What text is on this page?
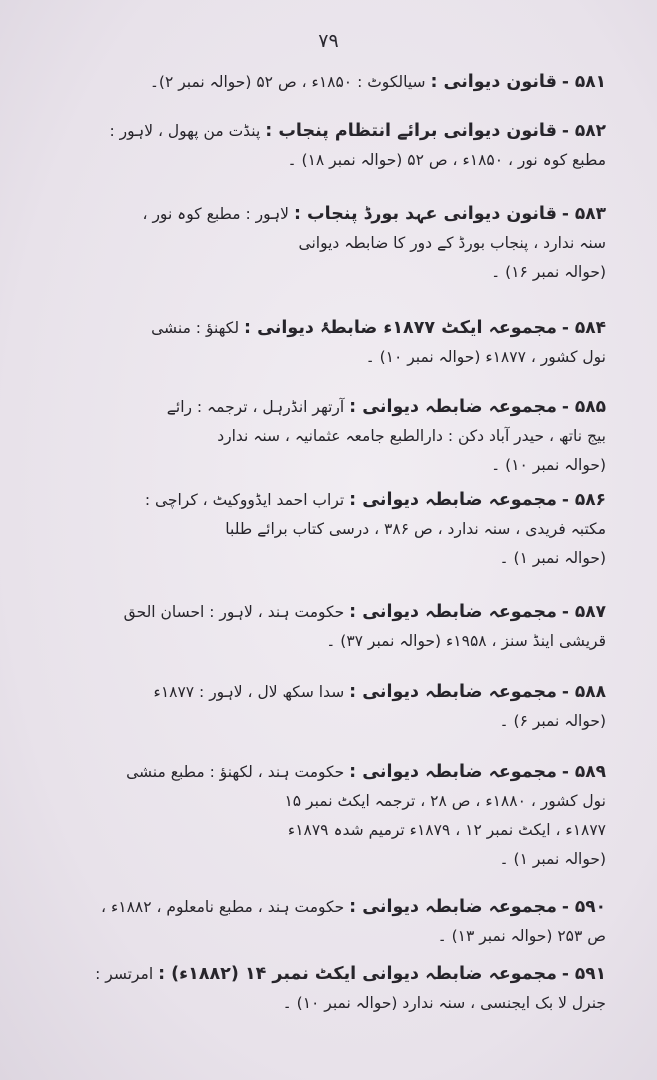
۷۹
۵۸۱ - قانون دیوانی : سیالکوٹ : ۱۸۵۰ء ، ص ۵۲ (حوالہ نمبر ۲)۔
۵۸۲ - قانون دیوانی برائے انتظام پنجاب : پنڈت من پھول ، لاہور :
مطبع کوہ نور ، ۱۸۵۰ء ، ص ۵۲ (حوالہ نمبر ۱۸) ۔
۵۸۳ - قانون دیوانی عہد بورڈ پنجاب : لاہور : مطبع کوہ نور ،
سنہ ندارد ، پنجاب بورڈ کے دور کا ضابطہ دیوانی
(حوالہ نمبر ۱۶) ۔
۵۸۴ - مجموعہ ایکٹ ۱۸۷۷ء ضابطۂ دیوانی : لکھنؤ : منشی
نول کشور ، ۱۸۷۷ء (حوالہ نمبر ۱۰) ۔
۵۸۵ - مجموعہ ضابطہ دیوانی : آرتھر انڈرہل ، ترجمہ : رائے
بیج ناتھ ، حیدر آباد دکن : دارالطبع جامعہ عثمانیہ ، سنہ ندارد
(حوالہ نمبر ۱۰) ۔
۵۸۶ - مجموعہ ضابطہ دیوانی : تراب احمد ایڈووکیٹ ، کراچی :
مکتبہ فریدی ، سنہ ندارد ، ص ۳۸۶ ، درسی کتاب برائے طلبا
(حوالہ نمبر ۱) ۔
۵۸۷ - مجموعہ ضابطہ دیوانی : حکومت ہند ، لاہور : احسان الحق
قریشی اینڈ سنز ، ۱۹۵۸ء (حوالہ نمبر ۳۷) ۔
۵۸۸ - مجموعہ ضابطہ دیوانی : سدا سکھ لال ، لاہور : ۱۸۷۷ء
(حوالہ نمبر ۶) ۔
۵۸۹ - مجموعہ ضابطہ دیوانی : حکومت ہند ، لکھنؤ : مطبع منشی
نول کشور ، ۱۸۸۰ء ، ص ۲۸ ، ترجمہ ایکٹ نمبر ۱۵
۱۸۷۷ء ، ایکٹ نمبر ۱۲ ، ۱۸۷۹ء ترمیم شدہ ۱۸۷۹ء
(حوالہ نمبر ۱) ۔
۵۹۰ - مجموعہ ضابطہ دیوانی : حکومت ہند ، مطبع نامعلوم ، ۱۸۸۲ء ،
ص ۲۵۳ (حوالہ نمبر ۱۳) ۔
۵۹۱ - مجموعہ ضابطہ دیوانی ایکٹ نمبر ۱۴ (۱۸۸۲ء) : امرتسر :
جنرل لا بک ایجنسی ، سنہ ندارد (حوالہ نمبر ۱۰) ۔
